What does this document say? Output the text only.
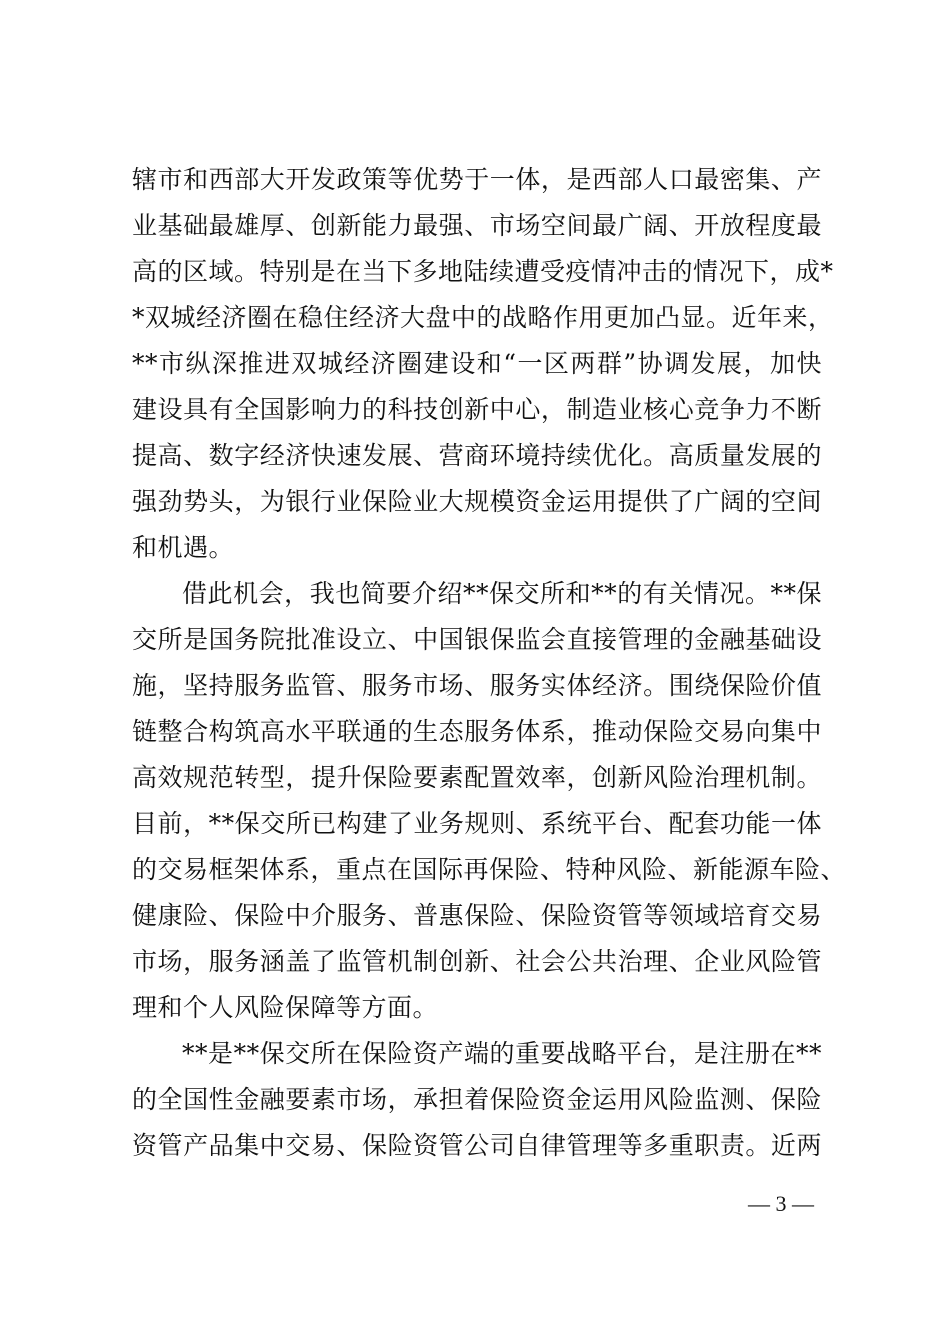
辖市和西部大开发政策等优势于一体，是西部人口最密集、产
业基础最雄厚、创新能力最强、市场空间最广阔、开放程度最
高的区域。特别是在当下多地陆续遭受疫情冲击的情况下，成*
*双城经济圈在稳住经济大盘中的战略作用更加凸显。近年来，
**市纵深推进双城经济圈建设和“一区两群”协调发展，加快
建设具有全国影响力的科技创新中心，制造业核心竞争力不断
提高、数字经济快速发展、营商环境持续优化。高质量发展的
强劲势头，为银行业保险业大规模资金运用提供了广阔的空间
和机遇。
借此机会，我也简要介绍**保交所和**的有关情况。**保
交所是国务院批准设立、中国银保监会直接管理的金融基础设
施，坚持服务监管、服务市场、服务实体经济。围绕保险价值
链整合构筑高水平联通的生态服务体系，推动保险交易向集中
高效规范转型，提升保险要素配置效率，创新风险治理机制。
目前，**保交所已构建了业务规则、系统平台、配套功能一体
的交易框架体系，重点在国际再保险、特种风险、新能源车险、
健康险、保险中介服务、普惠保险、保险资管等领域培育交易
市场，服务涵盖了监管机制创新、社会公共治理、企业风险管
理和个人风险保障等方面。
**是**保交所在保险资产端的重要战略平台，是注册在**
的全国性金融要素市场，承担着保险资金运用风险监测、保险
资管产品集中交易、保险资管公司自律管理等多重职责。近两
— 3 —
